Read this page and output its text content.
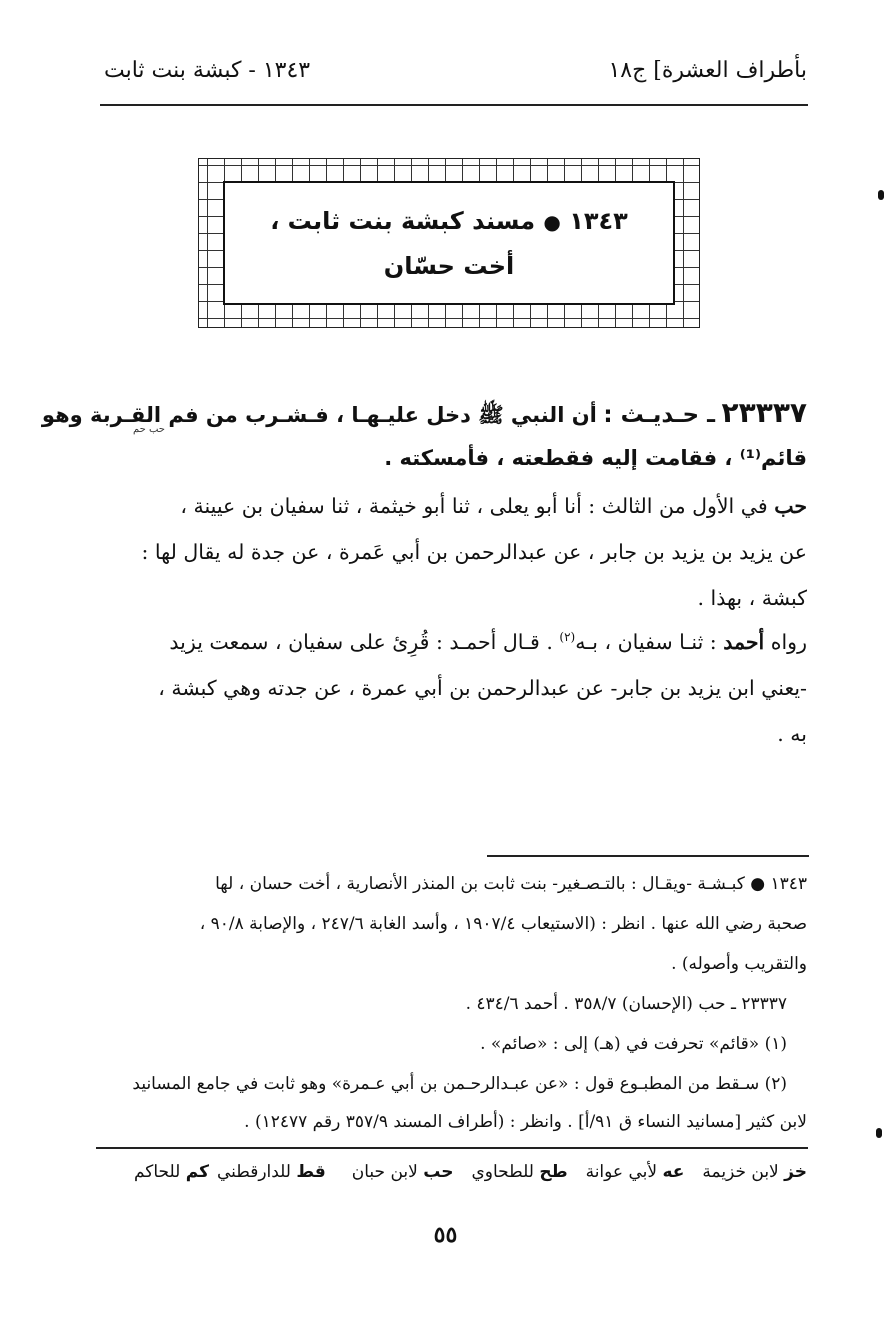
بأطراف العشرة] ج١٨
١٣٤٣ - كبشة بنت ثابت
١٣٤٣ ● مسند كبشة بنت ثابت ،
أخت حسّان
٢٣٣٣٧ ـ حـديـث : أن النبي ﷺ دخل عليـهـا ، فـشـرب من فم القـربة وهو
حب حم
قائم⁽¹⁾ ، فقامت إليه فقطعته ، فأمسكته .
حب في الأول من الثالث : أنا أبو يعلى ، ثنا أبو خيثمة ، ثنا سفيان بن عيينة ،
عن يزيد بن يزيد بن جابر ، عن عبدالرحمن بن أبي عَمرة ، عن جدة له يقال لها :
كبشة ، بهذا .
رواه أحمد : ثنـا سفيان ، بـه$^{(٢)}$ . قـال أحمـد : قُرِئ على سفيان ، سمعت يزيد
-يعني ابن يزيد بن جابر- عن عبدالرحمن بن أبي عمرة ، عن جدته وهي كبشة ،
به .
١٣٤٣ ● كبـشـة -ويقـال : بالتـصـغير- بنت ثابت بن المنذر الأنصارية ، أخت حسان ، لها
صحبة رضي الله عنها . انظر : (الاستيعاب ١٩٠٧/٤ ، وأسد الغابة ٢٤٧/٦ ، والإصابة ٩٠/٨ ،
والتقريب وأصوله) .
٢٣٣٣٧ ـ حب (الإحسان) ٣٥٨/٧ . أحمد ٤٣٤/٦ .
(١) «قائم» تحرفت في (هـ) إلى : «صائم» .
(٢) سـقط من المطبـوع قول : «عن عبـدالرحـمن بن أبي عـمرة» وهو ثابت في جامع المسانيد
لابن كثير [مسانيد النساء ق ٩١/أ] . وانظر : (أطراف المسند ٣٥٧/٩ رقم ١٢٤٧٧) .
خز لابن خزيمة
عه لأبي عوانة
طح للطحاوي
حب لابن حبان
قط للدارقطني
كم للحاكم
٥٥
